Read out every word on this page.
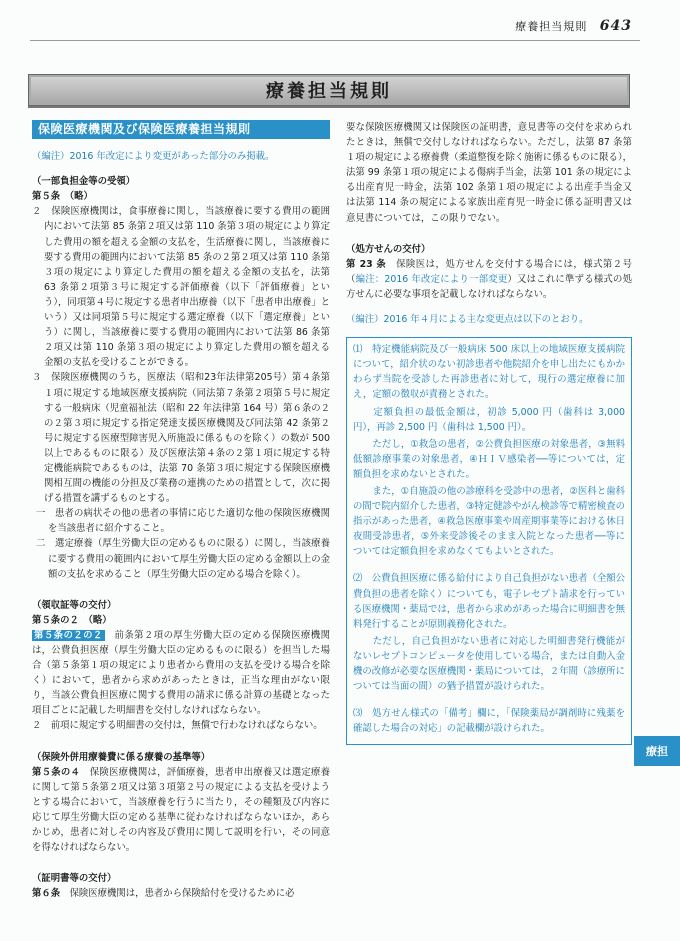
療養担当規則 643
療養担当規則
保険医療機関及び保険医療養担当規則
（編注）2016 年改定により変更があった部分のみ掲載。
（一部負担金等の受領）
第５条　（略）

２　保険医療機関は，食事療養に関し，当該療養に要する費用の範囲内において法第 85 条第２項又は第 110 条第３項の規定により算定した費用の額を超える金額の支払を，生活療養に関し，当該療養に要する費用の範囲内において法第 85 条の２第２項又は第 110 条第３項の規定により算定した費用の額を超える金額の支払を，法第 63 条第２項第３号に規定する評価療養（以下「評価療養」という），同項第４号に規定する患者申出療養（以下「患者申出療養」という）又は同項第５号に規定する選定療養（以下「選定療養」という）に関し，当該療養に要する費用の範囲内において法第 86 条第２項又は第 110 条第３項の規定により算定した費用の額を超える金額の支払を受けることができる。

３　保険医療機関のうち，医療法（昭和23年法律第205号）第４条第１項に規定する地域医療支援病院（同法第７条第２項第５号に規定する一般病床（児童福祉法（昭和 22 年法律第 164 号）第６条の２の２第３項に規定する指定発達支援医療機関及び同法第 42 条第２号に規定する医療型障害児入所施設に係るものを除く）の数が 500 以上であるものに限る）及び医療法第４条の２第１項に規定する特定機能病院であるものは，法第 70 条第３項に規定する保険医療機関相互間の機能の分担及び業務の連携のための措置として，次に掲げる措置を講ずるものとする。

一　患者の病状その他の患者の事情に応じた適切な他の保険医療機関を当該患者に紹介すること。

二　選定療養（厚生労働大臣の定めるものに限る）に関し，当該療養に要する費用の範囲内において厚生労働大臣の定める金額以上の金額の支払を求めること（厚生労働大臣の定める場合を除く）。

（領収証等の交付）
第５条の２　（略）

第５条の２の２　前条第２項の厚生労働大臣の定める保険医療機関は，公費負担医療（厚生労働大臣の定めるものに限る）を担当した場合（第５条第１項の規定により患者から費用の支払を受ける場合を除く）において，患者から求めがあったときは，正当な理由がない限り，当該公費負担医療に関する費用の請求に係る計算の基礎となった項目ごとに記載した明細書を交付しなければならない。

２　前項に規定する明細書の交付は，無償で行わなければならない。

（保険外併用療養費に係る療養の基準等）

第５条の４　保険医療機関は，評価療養，患者申出療養又は選定療養に関して第５条第２項又は第３項第２号の規定による支払を受けようとする場合において，当該療養を行うに当たり，その種類及び内容に応じて厚生労働大臣の定める基準に従わなければならないほか，あらかじめ，患者に対しその内容及び費用に関して説明を行い，その同意を得なければならない。

（証明書等の交付）

第６条　保険医療機関は，患者から保険給付を受けるために必

要な保険医療機関又は保険医の証明書，意見書等の交付を求められたときは，無償で交付しなければならない。ただし，法第 87 条第１項の規定による療養費（柔道整復を除く施術に係るものに限る），法第 99 条第１項の規定による傷病手当金，法第 101 条の規定による出産育児一時金，法第 102 条第１項の規定による出産手当金又は法第 114 条の規定による家族出産育児一時金に係る証明書又は意見書については，この限りでない。

（処方せんの交付）

第 23 条　保険医は，処方せんを交付する場合には，様式第２号（編注：2016 年改定により一部変更）又はこれに準ずる様式の処方せんに必要な事項を記載しなければならない。

（編注）2016 年４月による主な変更点は以下のとおり。

⑴　特定機能病院及び一般病床 500 床以上の地域医療支援病院について，紹介状のない初診患者や他院紹介を申し出たにもかかわらず当院を受診した再診患者に対して，現行の選定療養に加え，定額の徴収が責務とされた。

　定額負担の最低金額は，初診 5,000 円（歯科は 3,000 円），再診 2,500 円（歯科は 1,500 円）。

　ただし，①救急の患者，②公費負担医療の対象患者，③無料低額診療事業の対象患者，④ＨＩＶ感染者──等については，定額負担を求めないとされた。

　また，①自施設の他の診療科を受診中の患者，②医科と歯科の間で院内紹介した患者，③特定健診やがん検診等で精密検査の指示があった患者，④救急医療事業や周産期事業等における休日夜間受診患者，⑤外来受診後そのまま入院となった患者──等については定額負担を求めなくてもよいとされた。

⑵　公費負担医療に係る給付により自己負担がない患者（全額公費負担の患者を除く）についても，電子レセプト請求を行っている医療機関・薬局では，患者から求めがあった場合に明細書を無料発行することが原則義務化された。

　ただし，自己負担がない患者に対応した明細書発行機能がないレセプトコンピュータを使用している場合，または自動入金機の改修が必要な医療機関・薬局については，２年間（診療所については当面の間）の猶予措置が設けられた。

⑶　処方せん様式の「備考」欄に，「保険薬局が調剤時に残薬を確認した場合の対応」の記載欄が設けられた。

療担
